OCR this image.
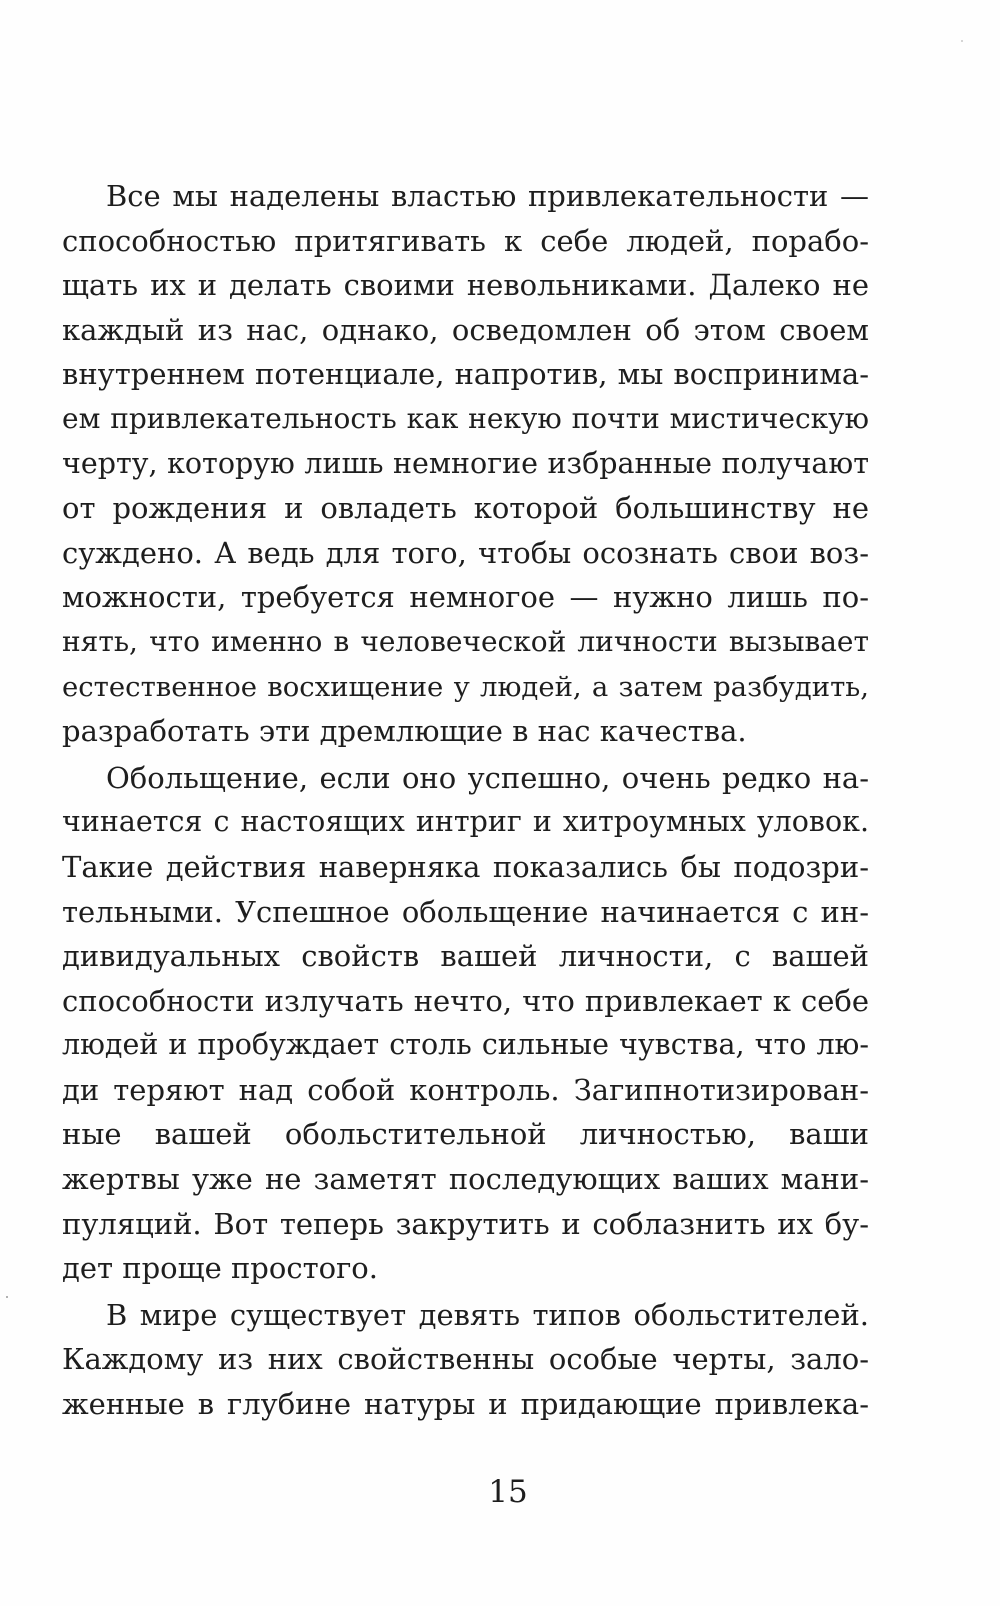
Все мы наделены властью привлекательности —
способностью притягивать к себе людей, порабо-
щать их и делать своими невольниками. Далеко не
каждый из нас, однако, осведомлен об этом своем
внутреннем потенциале, напротив, мы воспринима-
ем привлекательность как некую почти мистическую
черту, которую лишь немногие избранные получают
от рождения и овладеть которой большинству не
суждено. А ведь для того, чтобы осознать свои воз-
можности, требуется немногое — нужно лишь по-
нять, что именно в человеческой личности вызывает
естественное восхищение у людей, а затем разбудить,
разработать эти дремлющие в нас качества.
Обольщение, если оно успешно, очень редко на-
чинается с настоящих интриг и хитроумных уловок.
Такие действия наверняка показались бы подозри-
тельными. Успешное обольщение начинается с ин-
дивидуальных свойств вашей личности, с вашей
способности излучать нечто, что привлекает к себе
людей и пробуждает столь сильные чувства, что лю-
ди теряют над собой контроль. Загипнотизирован-
ные вашей обольстительной личностью, ваши
жертвы уже не заметят последующих ваших мани-
пуляций. Вот теперь закрутить и соблазнить их бу-
дет проще простого.
В мире существует девять типов обольстителей.
Каждому из них свойственны особые черты, зало-
женные в глубине натуры и придающие привлека-
15
